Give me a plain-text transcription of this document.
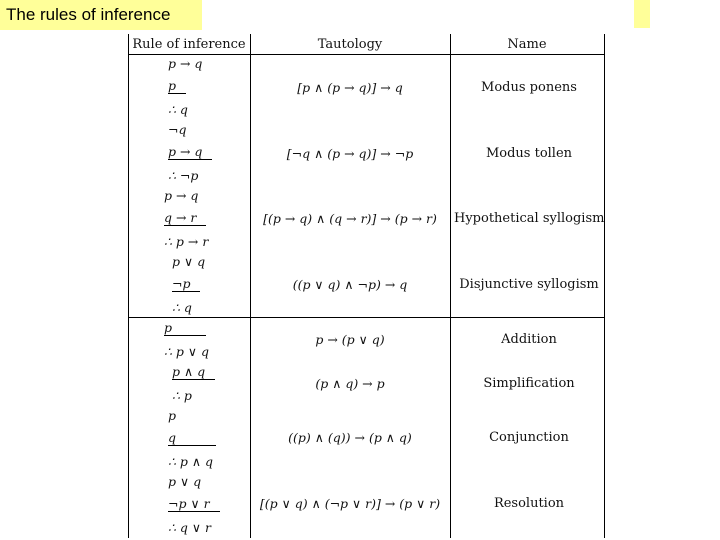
The rules of inference
Rule of inference	Tautology	Name
p → q
p
∴ q
[p ∧ (p → q)] → q	Modus ponens
¬q
p → q
∴ ¬p
[¬q ∧ (p → q)] → ¬p	Modus tollen
p → q
q → r
∴ p → r
[(p → q) ∧ (q → r)] → (p → r)	Hypothetical syllogism
p ∨ q
¬p
∴ q
((p ∨ q) ∧ ¬p) → q	Disjunctive syllogism
p
∴ p ∨ q
p → (p ∨ q)	Addition
p ∧ q
∴ p
(p ∧ q) → p	Simplification
p
q
∴ p ∧ q
((p) ∧ (q)) → (p ∧ q)	Conjunction
p ∨ q
¬p ∨ r
∴ q ∨ r
[(p ∨ q) ∧ (¬p ∨ r)] → (p ∨ r)	Resolution
